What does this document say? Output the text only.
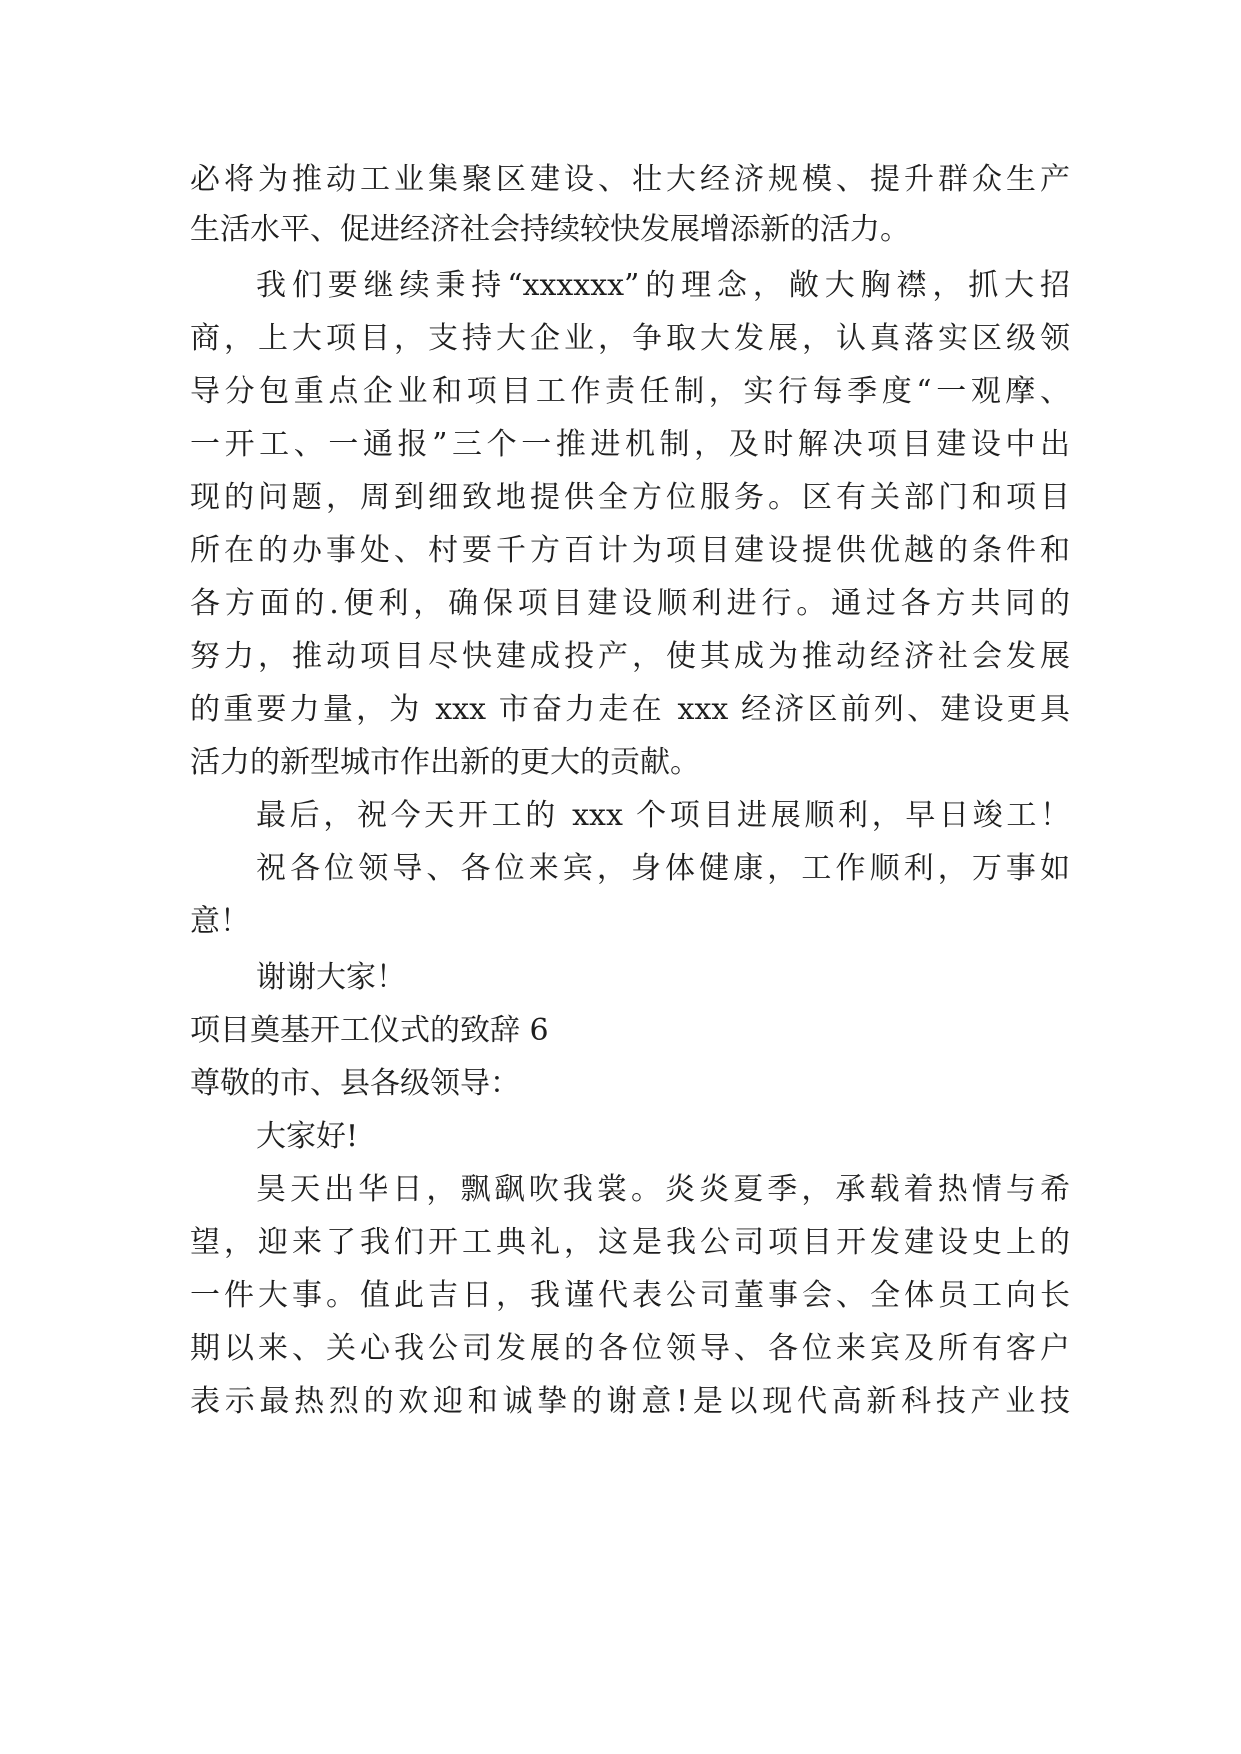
必将为推动工业集聚区建设、壮大经济规模、提升群众生产
生活水平、促进经济社会持续较快发展增添新的活力。
我们要继续秉持“xxxxxx”的理念，敞大胸襟，抓大招
商，上大项目，支持大企业，争取大发展，认真落实区级领
导分包重点企业和项目工作责任制，实行每季度“一观摩、
一开工、一通报”三个一推进机制，及时解决项目建设中出
现的问题，周到细致地提供全方位服务。区有关部门和项目
所在的办事处、村要千方百计为项目建设提供优越的条件和
各方面的.便利，确保项目建设顺利进行。通过各方共同的
努力，推动项目尽快建成投产，使其成为推动经济社会发展
的重要力量，为 xxx 市奋力走在 xxx 经济区前列、建设更具
活力的新型城市作出新的更大的贡献。
最后，祝今天开工的 xxx 个项目进展顺利，早日竣工！
祝各位领导、各位来宾，身体健康，工作顺利，万事如
意！
谢谢大家！
项目奠基开工仪式的致辞 6
尊敬的市、县各级领导：
大家好!
昊天出华日，飘飖吹我裳。炎炎夏季，承载着热情与希
望，迎来了我们开工典礼，这是我公司项目开发建设史上的
一件大事。值此吉日，我谨代表公司董事会、全体员工向长
期以来、关心我公司发展的各位领导、各位来宾及所有客户
表示最热烈的欢迎和诚挚的谢意!是以现代高新科技产业技
